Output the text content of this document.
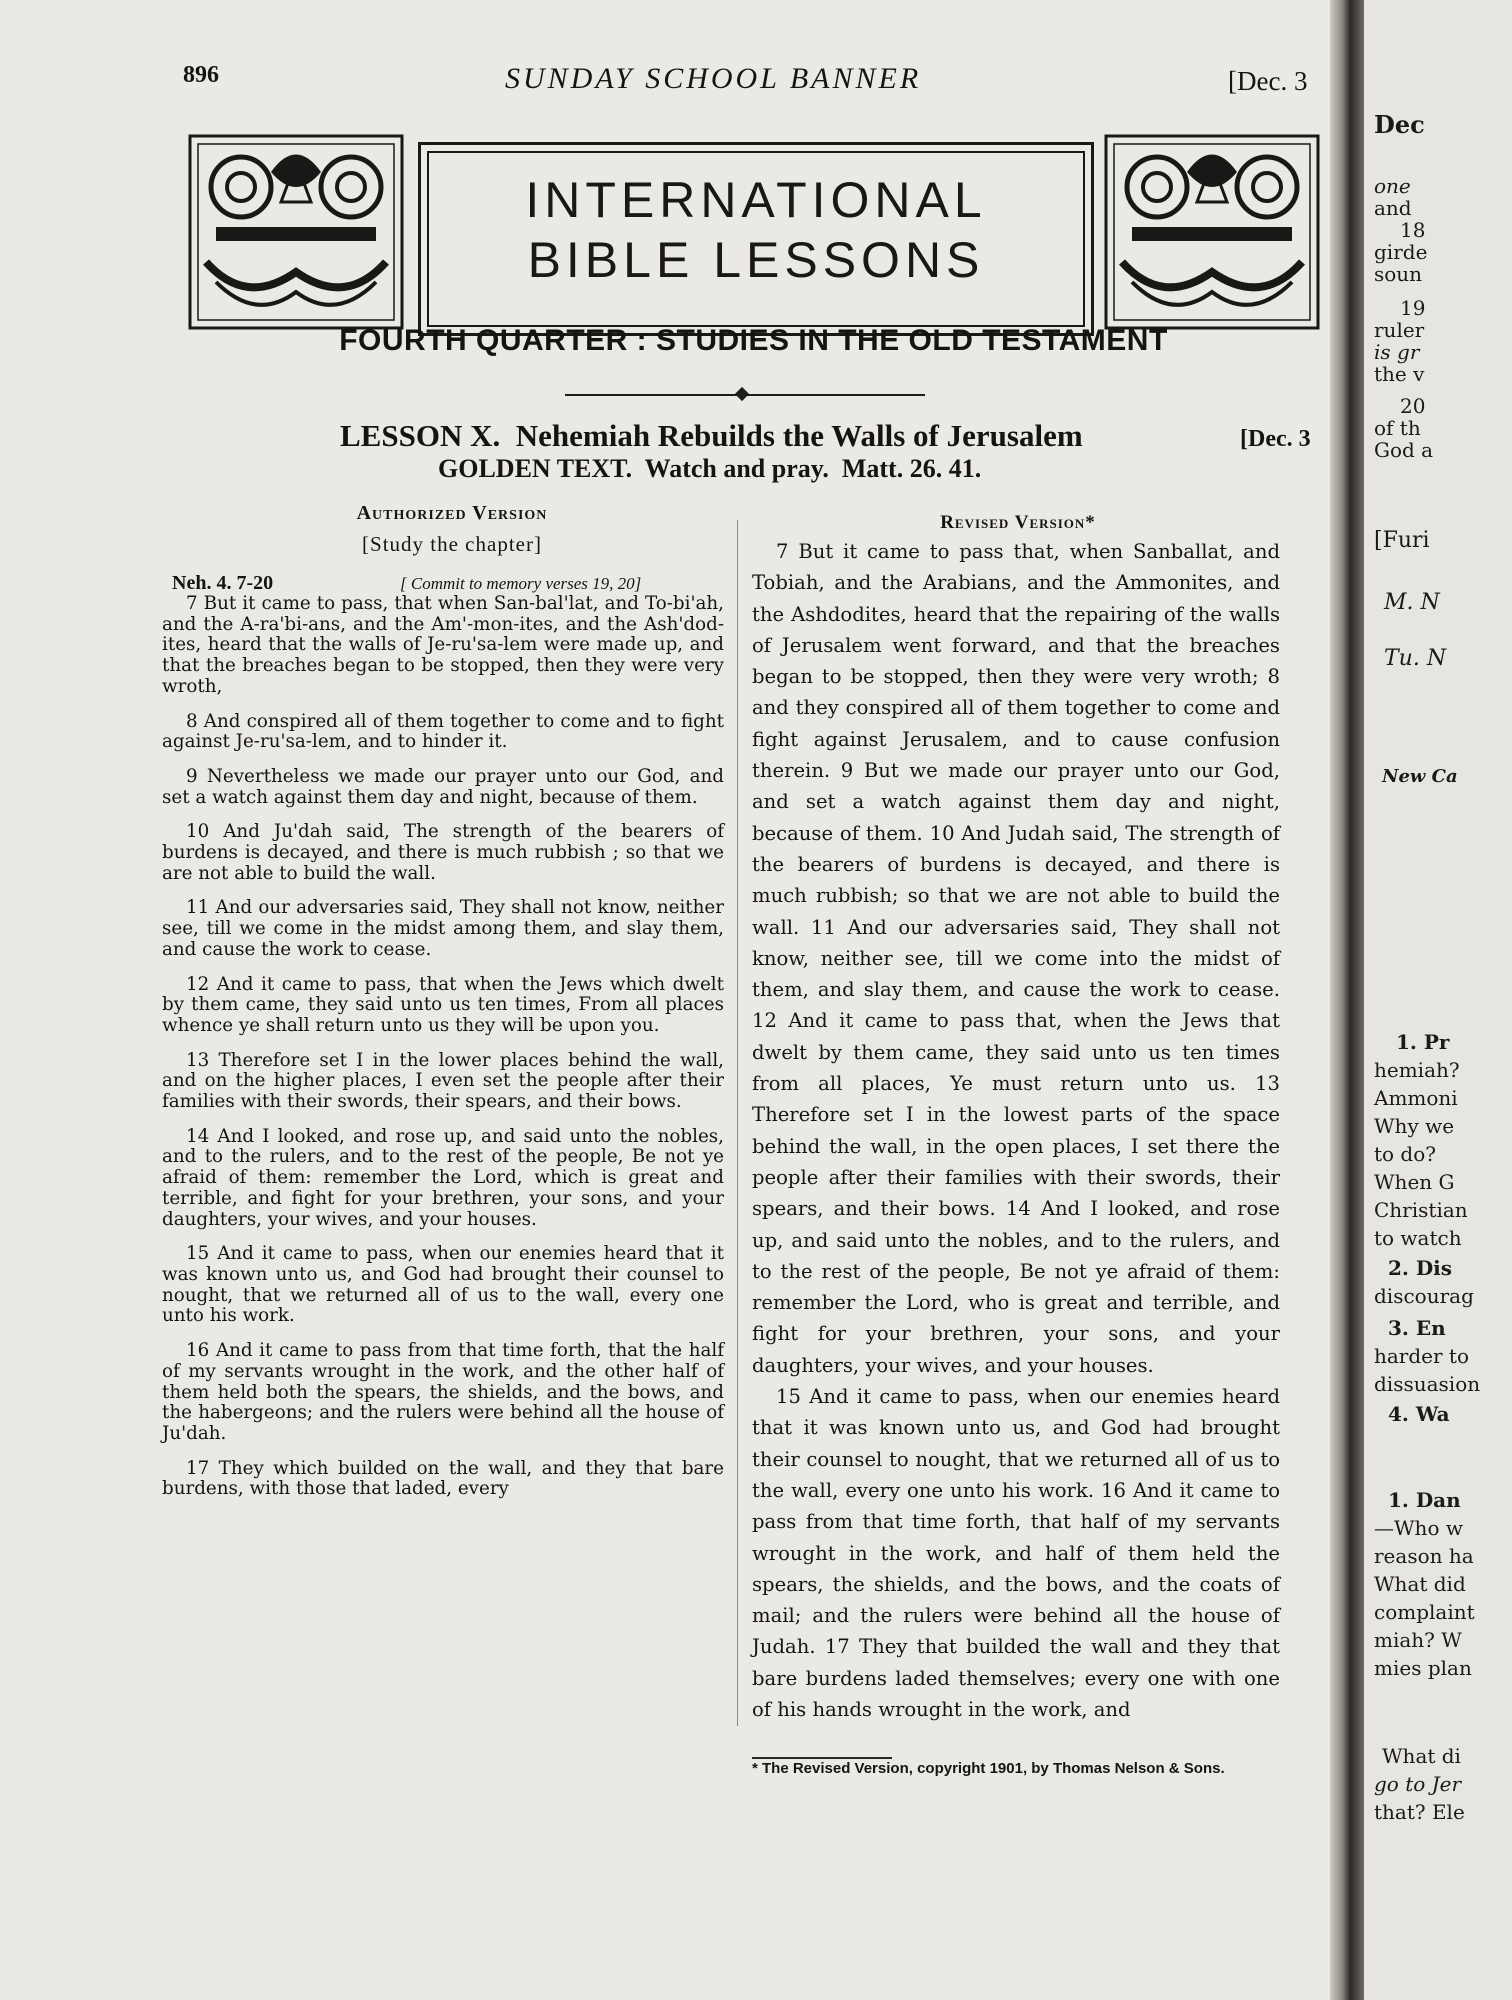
896	SUNDAY SCHOOL BANNER	[Dec. 3
INTERNATIONAL
BIBLE LESSONS
FOURTH QUARTER : STUDIES IN THE OLD TESTAMENT
LESSON X. Nehemiah Rebuilds the Walls of Jerusalem	[Dec. 3
GOLDEN TEXT. Watch and pray. Matt. 26. 41.
Authorized Version
[Study the chapter]
Neh. 4. 7-20	[ Commit to memory verses 19, 20]

7 But it came to pass, that when San-bal'lat, and To-bi'ah, and the A-ra'bi-ans, and the Am'-mon-ites, and the Ash'dod-ites, heard that the walls of Je-ru'sa-lem were made up, and that the breaches began to be stopped, then they were very wroth,

8 And conspired all of them together to come and to fight against Je-ru'sa-lem, and to hinder it.

9 Nevertheless we made our prayer unto our God, and set a watch against them day and night, because of them.

10 And Ju'dah said, The strength of the bearers of burdens is decayed, and there is much rubbish ; so that we are not able to build the wall.

11 And our adversaries said, They shall not know, neither see, till we come in the midst among them, and slay them, and cause the work to cease.

12 And it came to pass, that when the Jews which dwelt by them came, they said unto us ten times, From all places whence ye shall return unto us they will be upon you.

13 Therefore set I in the lower places behind the wall, and on the higher places, I even set the people after their families with their swords, their spears, and their bows.

14 And I looked, and rose up, and said unto the nobles, and to the rulers, and to the rest of the people, Be not ye afraid of them: remember the Lord, which is great and terrible, and fight for your brethren, your sons, and your daughters, your wives, and your houses.

15 And it came to pass, when our enemies heard that it was known unto us, and God had brought their counsel to nought, that we returned all of us to the wall, every one unto his work.

16 And it came to pass from that time forth, that the half of my servants wrought in the work, and the other half of them held both the spears, the shields, and the bows, and the habergeons; and the rulers were behind all the house of Ju'dah.

17 They which builded on the wall, and they that bare burdens, with those that laded, every

Revised Version*

7 But it came to pass that, when Sanballat, and Tobiah, and the Arabians, and the Ammonites, and the Ashdodites, heard that the repairing of the walls of Jerusalem went forward, and that the breaches began to be stopped, then they were very wroth; 8 and they conspired all of them together to come and fight against Jerusalem, and to cause confusion therein. 9 But we made our prayer unto our God, and set a watch against them day and night, because of them. 10 And Judah said, The strength of the bearers of burdens is decayed, and there is much rubbish; so that we are not able to build the wall. 11 And our adversaries said, They shall not know, neither see, till we come into the midst of them, and slay them, and cause the work to cease. 12 And it came to pass that, when the Jews that dwelt by them came, they said unto us ten times from all places, Ye must return unto us. 13 Therefore set I in the lowest parts of the space behind the wall, in the open places, I set there the people after their families with their swords, their spears, and their bows. 14 And I looked, and rose up, and said unto the nobles, and to the rulers, and to the rest of the people, Be not ye afraid of them: remember the Lord, who is great and terrible, and fight for your brethren, your sons, and your daughters, your wives, and your houses.

15 And it came to pass, when our enemies heard that it was known unto us, and God had brought their counsel to nought, that we returned all of us to the wall, every one unto his work. 16 And it came to pass from that time forth, that half of my servants wrought in the work, and half of them held the spears, the shields, and the bows, and the coats of mail; and the rulers were behind all the house of Judah. 17 They that builded the wall and they that bare burdens laded themselves; every one with one of his hands wrought in the work, and

* The Revised Version, copyright 1901, by Thomas Nelson & Sons.
Dec
one
and
18
girde
soun
19
ruler
is gr
the v
20
of th
God a
[Furi
M. N
Tu. N
New Ca
1. Pr
hemiah?
Ammoni
Why we
to do?
When G
Christian
to watch
2. Dis
discourag
3. En
harder to
dissuasion
4. Wa
1. Dan
—Who w
reason ha
What did
complaint
miah? W
mies plan
What di
go to Jer
that? Ele
